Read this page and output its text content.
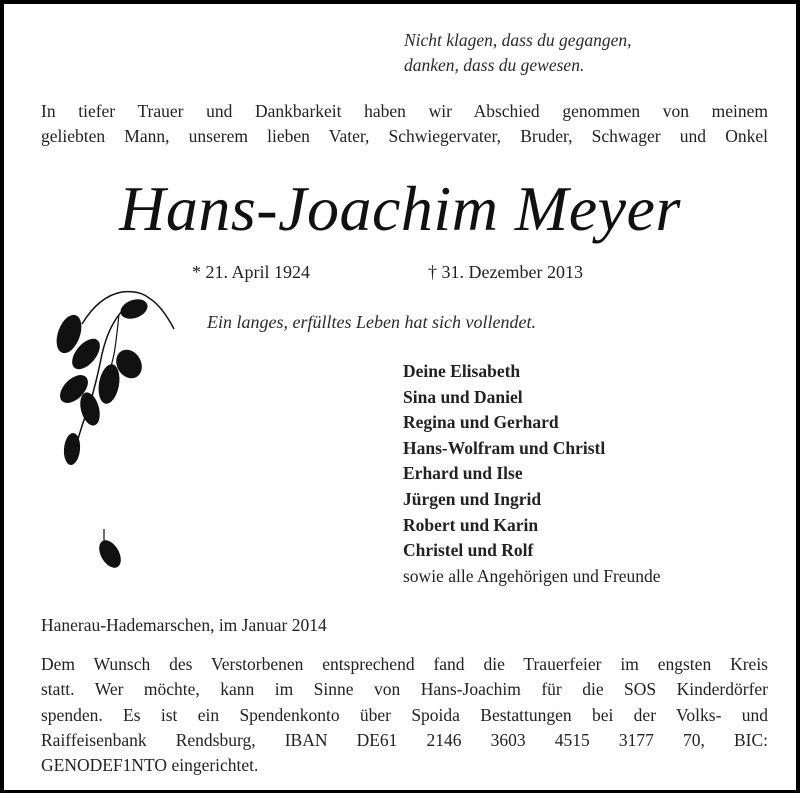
Nicht klagen, dass du gegangen,
danken, dass du gewesen.
In tiefer Trauer und Dankbarkeit haben wir Abschied genommen von meinem
geliebten Mann, unserem lieben Vater, Schwiegervater, Bruder, Schwager und Onkel
Hans-Joachim Meyer
* 21. April 1924	† 31. Dezember 2013
Ein langes, erfülltes Leben hat sich vollendet.
Deine Elisabeth
Sina und Daniel
Regina und Gerhard
Hans-Wolfram und Christl
Erhard und Ilse
Jürgen und Ingrid
Robert und Karin
Christel und Rolf
sowie alle Angehörigen und Freunde
Hanerau-Hademarschen, im Januar 2014
Dem Wunsch des Verstorbenen entsprechend fand die Trauerfeier im engsten Kreis
statt. Wer möchte, kann im Sinne von Hans-Joachim für die SOS Kinderdörfer
spenden. Es ist ein Spendenkonto über Spoida Bestattungen bei der Volks- und
Raiffeisenbank Rendsburg, IBAN DE61 2146 3603 4515 3177 70, BIC:
GENODEF1NTO eingerichtet.
